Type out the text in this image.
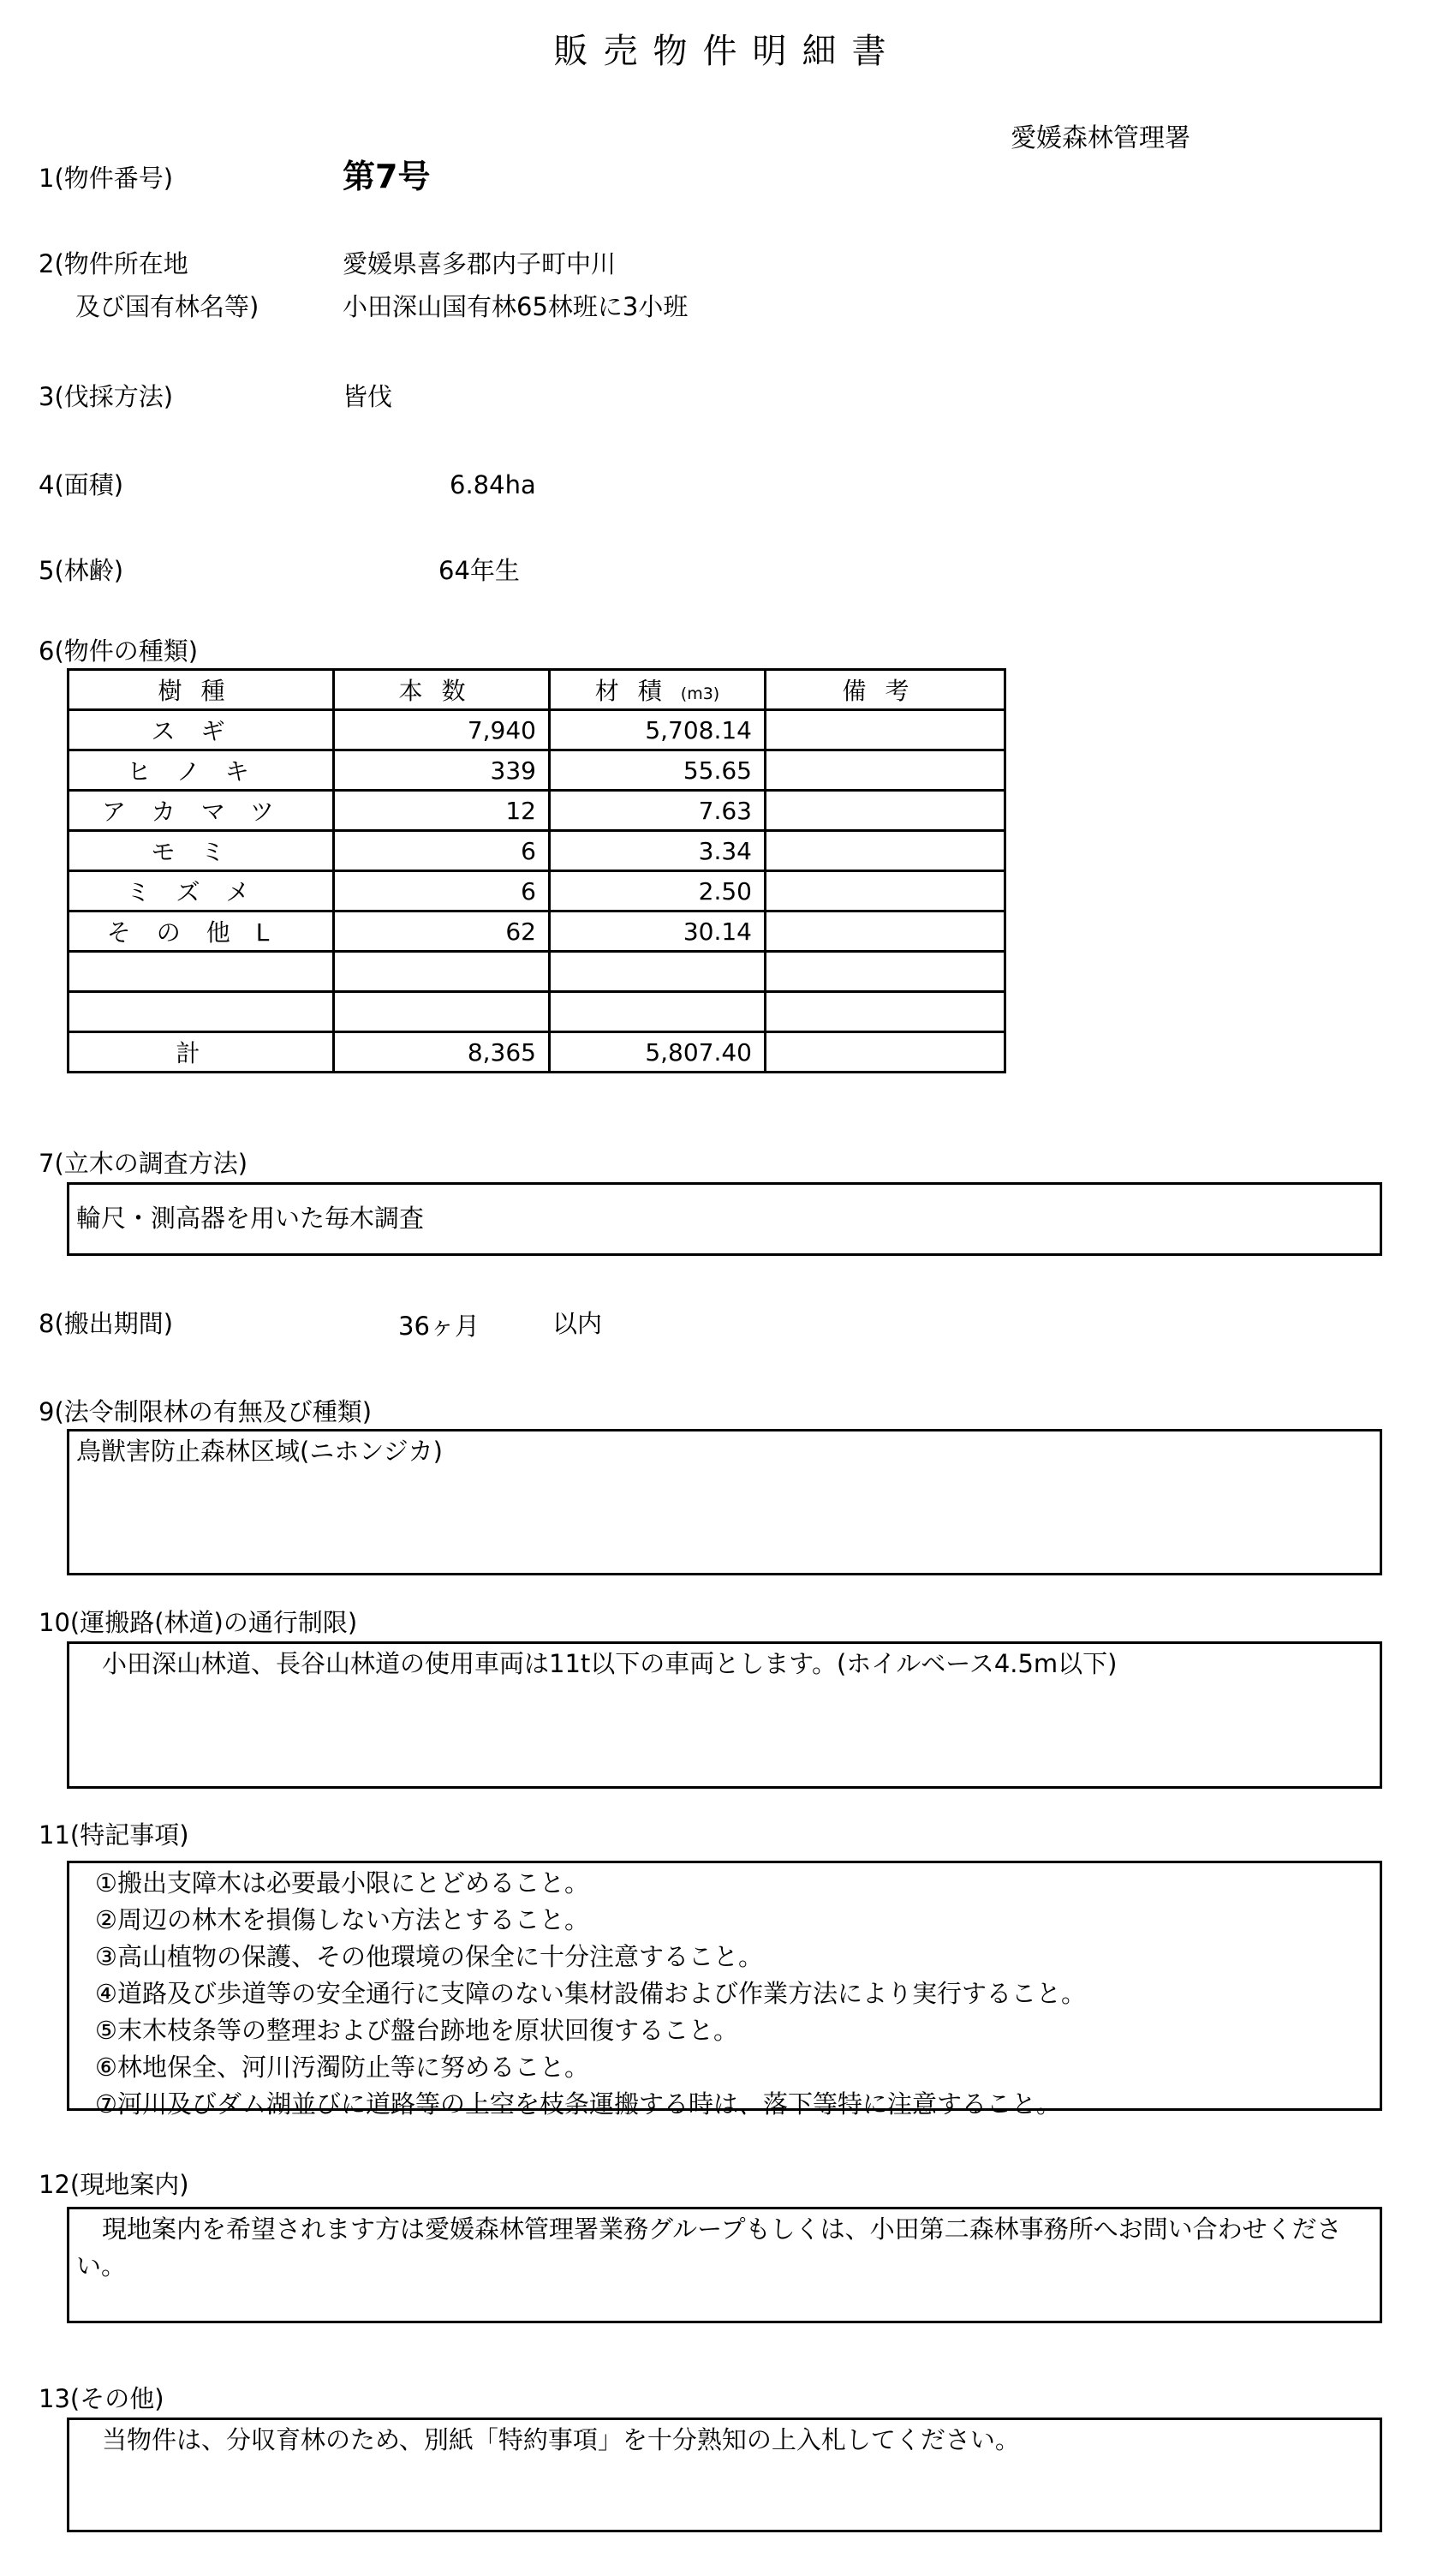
販売物件明細書
愛媛森林管理署
1(物件番号)	第7号
2(物件所在地
及び国有林名等)
愛媛県喜多郡内子町中川
小田深山国有林65林班に3小班
3(伐採方法)	皆伐
4(面積)	6.84ha
5(林齢)	64年生
6(物件の種類)
樹種	本数	材積(m3)	備考
スギ	7,940	5,708.14	
ヒノキ	339	55.65	
アカマツ	12	7.63	
モミ	6	3.34	
ミズメ	6	2.50	
その他L	62	30.14	

計	8,365	5,807.40	
7(立木の調査方法)
輪尺・測高器を用いた毎木調査
8(搬出期間)	36ヶ月	以内
9(法令制限林の有無及び種類)
鳥獣害防止森林区域(ニホンジカ)
10(運搬路(林道)の通行制限)
小田深山林道、長谷山林道の使用車両は11t以下の車両とします。(ホイルベース4.5m以下)
11(特記事項)
①搬出支障木は必要最小限にとどめること。
②周辺の林木を損傷しない方法とすること。
③高山植物の保護、その他環境の保全に十分注意すること。
④道路及び歩道等の安全通行に支障のない集材設備および作業方法により実行すること。
⑤末木枝条等の整理および盤台跡地を原状回復すること。
⑥林地保全、河川汚濁防止等に努めること。
⑦河川及びダム湖並びに道路等の上空を枝条運搬する時は、落下等特に注意すること。
12(現地案内)
現地案内を希望されます方は愛媛森林管理署業務グループもしくは、小田第二森林事務所へお問い合わせください。
13(その他)
当物件は、分収育林のため、別紙「特約事項」を十分熟知の上入札してください。
